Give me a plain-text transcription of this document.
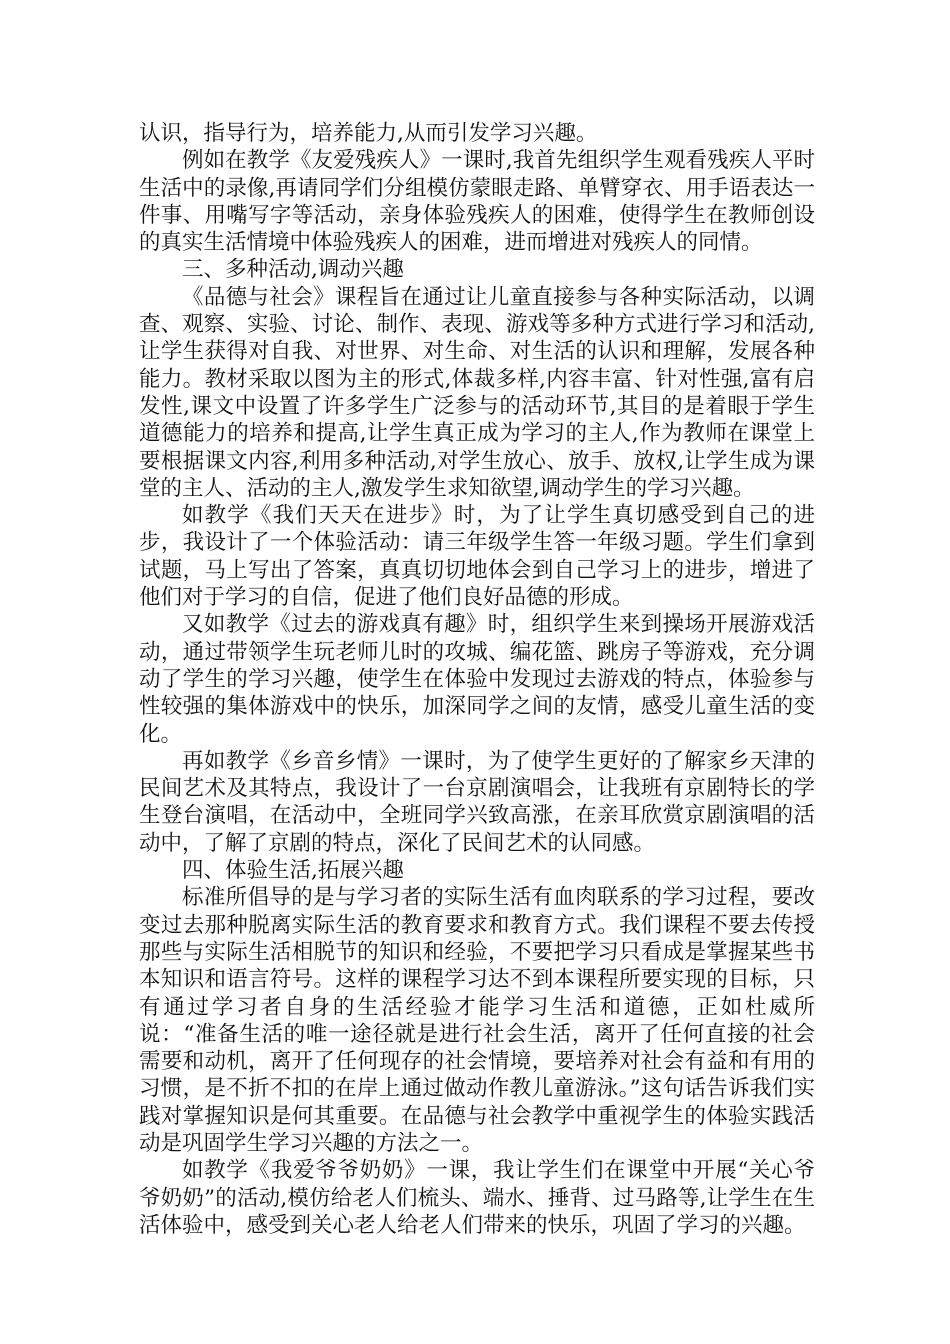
认识，指导行为，培养能力,从而引发学习兴趣。

例如在教学《友爱残疾人》一课时,我首先组织学生观看残疾人平时生活中的录像,再请同学们分组模仿蒙眼走路、单臂穿衣、用手语表达一件事、用嘴写字等活动，亲身体验残疾人的困难，使得学生在教师创设的真实生活情境中体验残疾人的困难，进而增进对残疾人的同情。

三、多种活动,调动兴趣

《品德与社会》课程旨在通过让儿童直接参与各种实际活动，以调查、观察、实验、讨论、制作、表现、游戏等多种方式进行学习和活动,让学生获得对自我、对世界、对生命、对生活的认识和理解，发展各种能力。教材采取以图为主的形式,体裁多样,内容丰富、针对性强,富有启发性,课文中设置了许多学生广泛参与的活动环节,其目的是着眼于学生道德能力的培养和提高,让学生真正成为学习的主人,作为教师在课堂上要根据课文内容,利用多种活动,对学生放心、放手、放权,让学生成为课堂的主人、活动的主人,激发学生求知欲望,调动学生的学习兴趣。

如教学《我们天天在进步》时，为了让学生真切感受到自己的进步，我设计了一个体验活动：请三年级学生答一年级习题。学生们拿到试题，马上写出了答案，真真切切地体会到自己学习上的进步，增进了他们对于学习的自信，促进了他们良好品德的形成。

又如教学《过去的游戏真有趣》时，组织学生来到操场开展游戏活动，通过带领学生玩老师儿时的攻城、编花篮、跳房子等游戏，充分调动了学生的学习兴趣，使学生在体验中发现过去游戏的特点，体验参与性较强的集体游戏中的快乐，加深同学之间的友情，感受儿童生活的变化。

再如教学《乡音乡情》一课时，为了使学生更好的了解家乡天津的民间艺术及其特点，我设计了一台京剧演唱会，让我班有京剧特长的学生登台演唱，在活动中，全班同学兴致高涨，在亲耳欣赏京剧演唱的活动中，了解了京剧的特点，深化了民间艺术的认同感。

四、体验生活,拓展兴趣

标准所倡导的是与学习者的实际生活有血肉联系的学习过程，要改变过去那种脱离实际生活的教育要求和教育方式。我们课程不要去传授那些与实际生活相脱节的知识和经验，不要把学习只看成是掌握某些书本知识和语言符号。这样的课程学习达不到本课程所要实现的目标，只有通过学习者自身的生活经验才能学习生活和道德，正如杜威所说：“准备生活的唯一途径就是进行社会生活，离开了任何直接的社会需要和动机，离开了任何现存的社会情境，要培养对社会有益和有用的习惯，是不折不扣的在岸上通过做动作教儿童游泳。”这句话告诉我们实践对掌握知识是何其重要。在品德与社会教学中重视学生的体验实践活动是巩固学生学习兴趣的方法之一。

如教学《我爱爷爷奶奶》一课，我让学生们在课堂中开展“关心爷爷奶奶”的活动,模仿给老人们梳头、端水、捶背、过马路等,让学生在生活体验中，感受到关心老人给老人们带来的快乐，巩固了学习的兴趣。
